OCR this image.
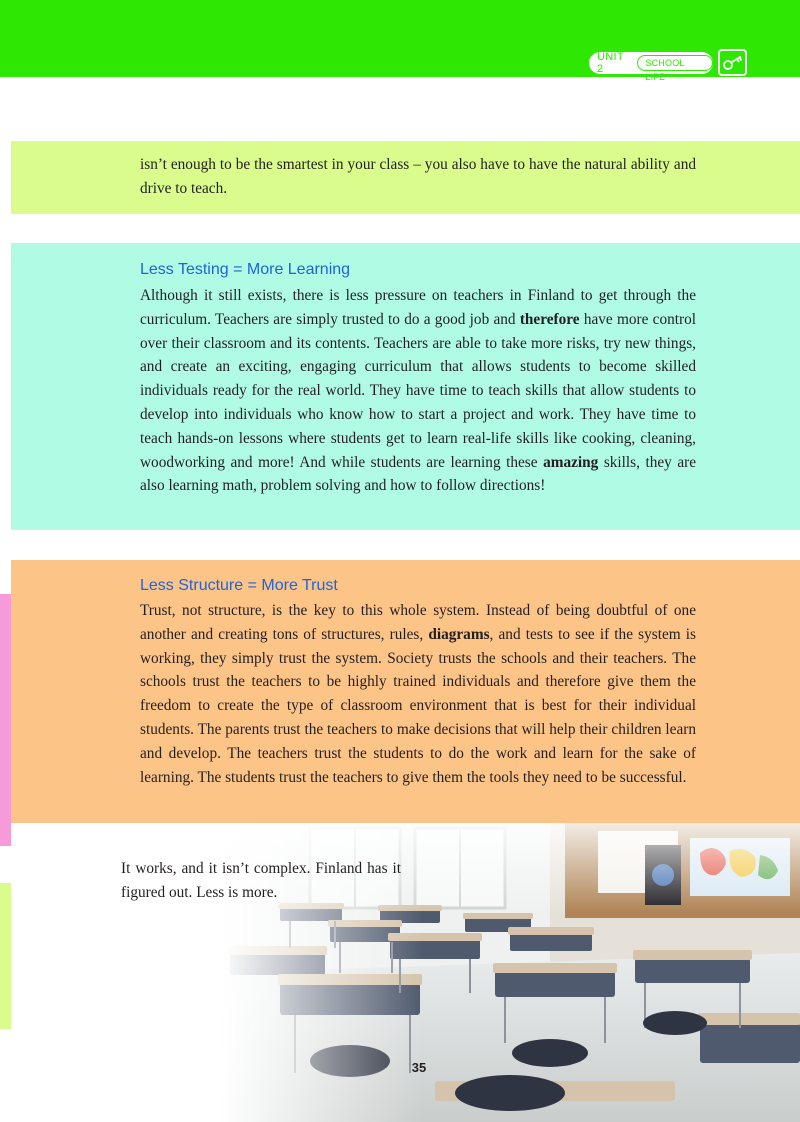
UNIT 2	SCHOOL LIFE
isn’t enough to be the smartest in your class – you also have to have the natural ability and drive to teach.
Less Testing = More Learning
Although it still exists, there is less pressure on teachers in Finland to get through the curriculum. Teachers are simply trusted to do a good job and therefore have more control over their classroom and its contents. Teachers are able to take more risks, try new things, and create an exciting, engaging curriculum that allows students to become skilled individuals ready for the real world. They have time to teach skills that allow students to develop into individuals who know how to start a project and work. They have time to teach hands-on lessons where students get to learn real-life skills like cooking, cleaning, woodworking and more! And while students are learning these amazing skills, they are also learning math, problem solving and how to follow directions!
Less Structure = More Trust
Trust, not structure, is the key to this whole system. Instead of being doubtful of one another and creating tons of structures, rules, diagrams, and tests to see if the system is working, they simply trust the system. Society trusts the schools and their teachers. The schools trust the teachers to be highly trained individuals and therefore give them the freedom to create the type of classroom environment that is best for their individual students. The parents trust the teachers to make decisions that will help their children learn and develop. The teachers trust the students to do the work and learn for the sake of learning. The students trust the teachers to give them the tools they need to be successful.
It works, and it isn’t complex. Finland has it figured out. Less is more.
35
